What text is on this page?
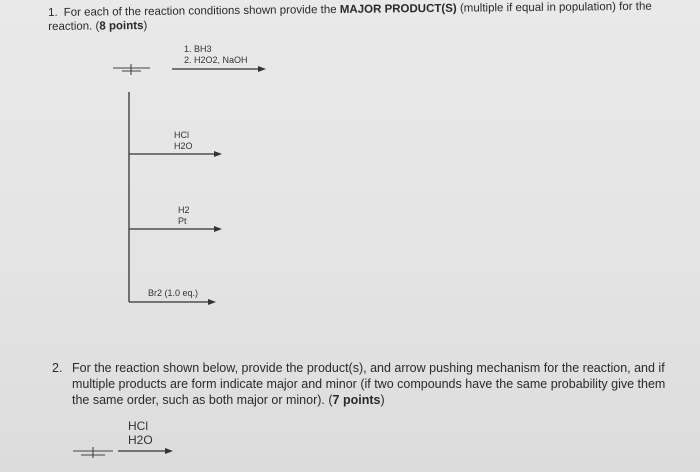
1. For each of the reaction conditions shown provide the MAJOR PRODUCT(S) (multiple if equal in population) for the reaction. (8 points)
1. BH3
2. H2O2, NaOH
HCl
H2O
H2
Pt
Br2 (1.0 eq.)
2. For the reaction shown below, provide the product(s), and arrow pushing mechanism for the reaction, and if multiple products are form indicate major and minor (if two compounds have the same probability give them the same order, such as both major or minor). (7 points)
HCl
H2O
